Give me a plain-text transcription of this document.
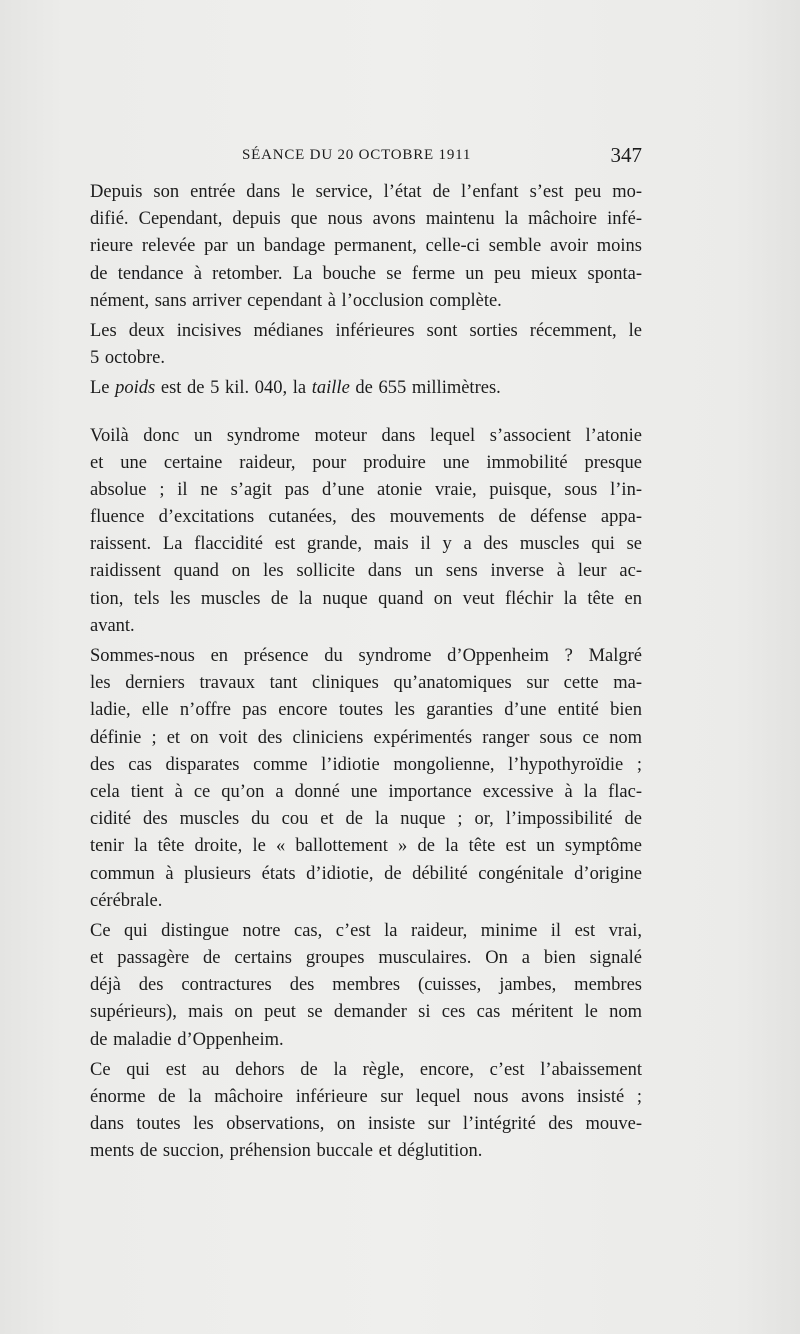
SÉANCE DU 20 OCTOBRE 1911	347
Depuis son entrée dans le service, l’état de l’enfant s’est peu mo-
difié. Cependant, depuis que nous avons maintenu la mâchoire infé-
rieure relevée par un bandage permanent, celle-ci semble avoir moins
de tendance à retomber. La bouche se ferme un peu mieux sponta-
nément, sans arriver cependant à l’occlusion complète.
Les deux incisives médianes inférieures sont sorties récemment, le
5 octobre.
Le poids est de 5 kil. 040, la taille de 655 millimètres.
Voilà donc un syndrome moteur dans lequel s’associent l’atonie
et une certaine raideur, pour produire une immobilité presque
absolue ; il ne s’agit pas d’une atonie vraie, puisque, sous l’in-
fluence d’excitations cutanées, des mouvements de défense appa-
raissent. La flaccidité est grande, mais il y a des muscles qui se
raidissent quand on les sollicite dans un sens inverse à leur ac-
tion, tels les muscles de la nuque quand on veut fléchir la tête en
avant.
Sommes-nous en présence du syndrome d’Oppenheim ? Malgré
les derniers travaux tant cliniques qu’anatomiques sur cette ma-
ladie, elle n’offre pas encore toutes les garanties d’une entité bien
définie ; et on voit des cliniciens expérimentés ranger sous ce nom
des cas disparates comme l’idiotie mongolienne, l’hypothyroïdie ;
cela tient à ce qu’on a donné une importance excessive à la flac-
cidité des muscles du cou et de la nuque ; or, l’impossibilité de
tenir la tête droite, le « ballottement » de la tête est un symptôme
commun à plusieurs états d’idiotie, de débilité congénitale d’origine
cérébrale.
Ce qui distingue notre cas, c’est la raideur, minime il est vrai,
et passagère de certains groupes musculaires. On a bien signalé
déjà des contractures des membres (cuisses, jambes, membres
supérieurs), mais on peut se demander si ces cas méritent le nom
de maladie d’Oppenheim.
Ce qui est au dehors de la règle, encore, c’est l’abaissement
énorme de la mâchoire inférieure sur lequel nous avons insisté ;
dans toutes les observations, on insiste sur l’intégrité des mouve-
ments de succion, préhension buccale et déglutition.
